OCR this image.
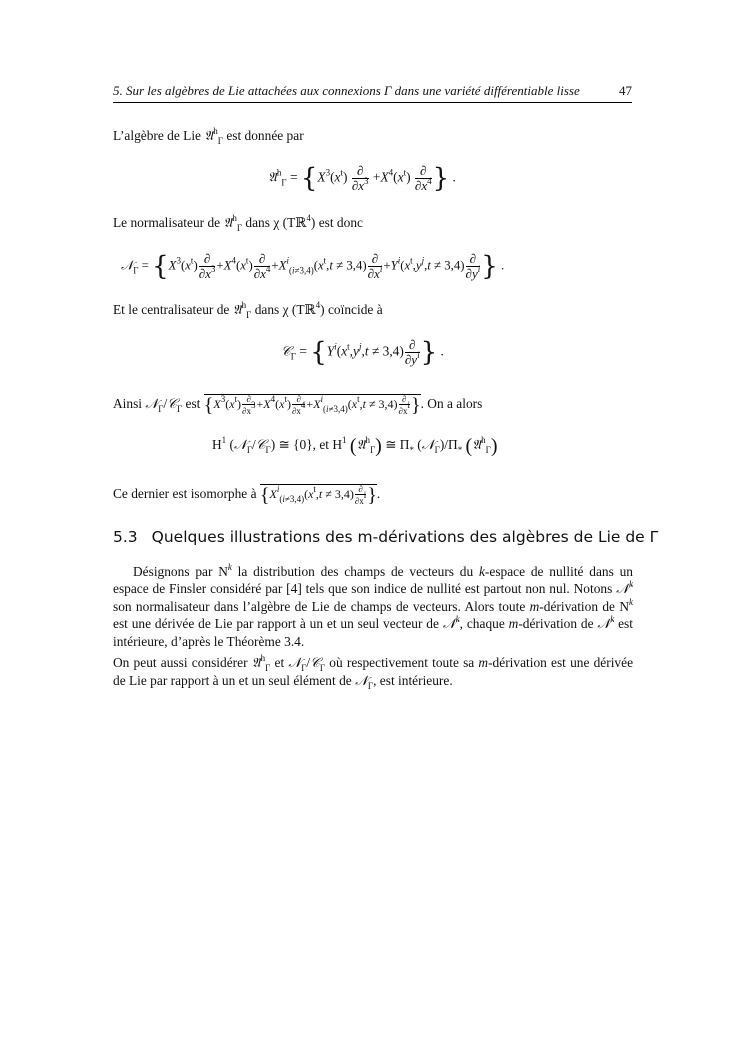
5. Sur les algèbres de Lie attachées aux connexions Γ dans une variété différentiable lisse	47
L’algèbre de Lie 𝔄$^h_\Gamma$ est donnée par
𝔄$^h_\Gamma$ = {$X^3(x^t) \frac{\partial}{\partial x^3} +X^4(x^t) \frac{\partial}{\partial x^4}$ } .
Le normalisateur de 𝔄$^h_\Gamma$ dans χ (Tℝ$^4$) est donc
𝒩$_\Gamma$ = {$X^3(x^t) \frac{\partial}{\partial x^3} +X^4(x^t) \frac{\partial}{\partial x^4} +X^i_{(i\ne 3,4)}(x^t,t \ne 3,4) \frac{\partial}{\partial x^i} +Y^i(x^t,y^j,t \ne 3,4) \frac{\partial}{\partial y^i}$ } .
Et le centralisateur de 𝔄$^h_\Gamma$ dans χ (Tℝ$^4$) coïncide à
𝒞$_\Gamma$ = {$Y^i(x^t,y^j,t \ne 3,4) \frac{\partial}{\partial y^i}$ } .
Ainsi 𝒩$_\Gamma$/𝒞$_\Gamma$ est {$X^3(x^t) \frac{\partial}{\partial x^3} +X^4(x^t) \frac{\partial}{\partial x^4} +X^i_{(i\ne 3,4)}(x^t,t \ne 3,4) \frac{\partial}{\partial x^i}$ }. On a alors
$H^1$ (𝒩$_\Gamma$/𝒞$_\Gamma$) ≅ {0}, et $H^1$ (𝔄$^h_\Gamma$) ≅ $\Pi_*$ $(𝒩_\Gamma)/\Pi_*$ (𝔄$^h_\Gamma$)
Ce dernier est isomorphe à {$X^i_{(i\ne 3,4)}(x^t,t \ne 3,4) \frac{\partial}{\partial x^i}$ }.
5.3 Quelques illustrations des m-dérivations des algèbres de Lie de Γ
Désignons par $N^k$ la distribution des champs de vecteurs du k-espace de nullité dans un espace de Finsler considéré par [4] tels que son indice de nullité est partout non nul. Notons 𝒩$^k$ son normalisateur dans l’algèbre de Lie de champs de vecteurs. Alors toute m-dérivation de $N^k$ est une dérivée de Lie par rapport à un et un seul vecteur de 𝒩$^k$, chaque m-dérivation de 𝒩$^k$ est intérieure, d’après le Théorème 3.4.
On peut aussi considérer 𝔄$^h_\Gamma$ et 𝒩$_\Gamma$/𝒞$_\Gamma$ où respectivement toute sa m-dérivation est une dérivée de Lie par rapport à un et un seul élément de 𝒩$_\Gamma$, est intérieure.
